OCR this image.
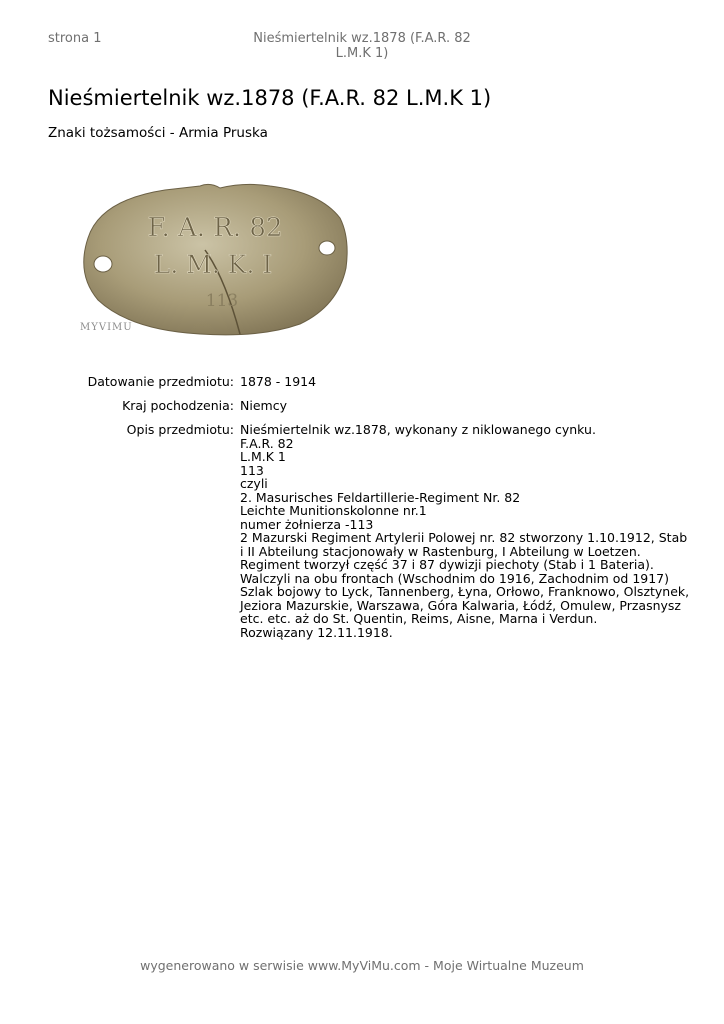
strona 1	Nieśmiertelnik wz.1878 (F.A.R. 82
L.M.K 1)
Nieśmiertelnik wz.1878 (F.A.R. 82 L.M.K 1)
Znaki tożsamości - Armia Pruska
F. A. R. 82
L. M. K. I
113
MYVIMU
Datowanie przedmiotu: 1878 - 1914
Kraj pochodzenia: Niemcy
Opis przedmiotu: Nieśmiertelnik wz.1878, wykonany z niklowanego cynku.
F.A.R. 82
L.M.K 1
113
czyli
2. Masurisches Feldartillerie-Regiment Nr. 82
Leichte Munitionskolonne nr.1
numer żołnierza -113
2 Mazurski Regiment Artylerii Polowej nr. 82 stworzony 1.10.1912, Stab
i II Abteilung stacjonowały w Rastenburg, I Abteilung w Loetzen.
Regiment tworzył część 37 i 87 dywizji piechoty (Stab i 1 Bateria).
Walczyli na obu frontach (Wschodnim do 1916, Zachodnim od 1917)
Szlak bojowy to Lyck, Tannenberg, Łyna, Orłowo, Franknowo, Olsztynek,
Jeziora Mazurskie, Warszawa, Góra Kalwaria, Łódź, Omulew, Przasnysz
etc. etc. aż do St. Quentin, Reims, Aisne, Marna i Verdun.
Rozwiązany 12.11.1918.
wygenerowano w serwisie www.MyViMu.com - Moje Wirtualne Muzeum
